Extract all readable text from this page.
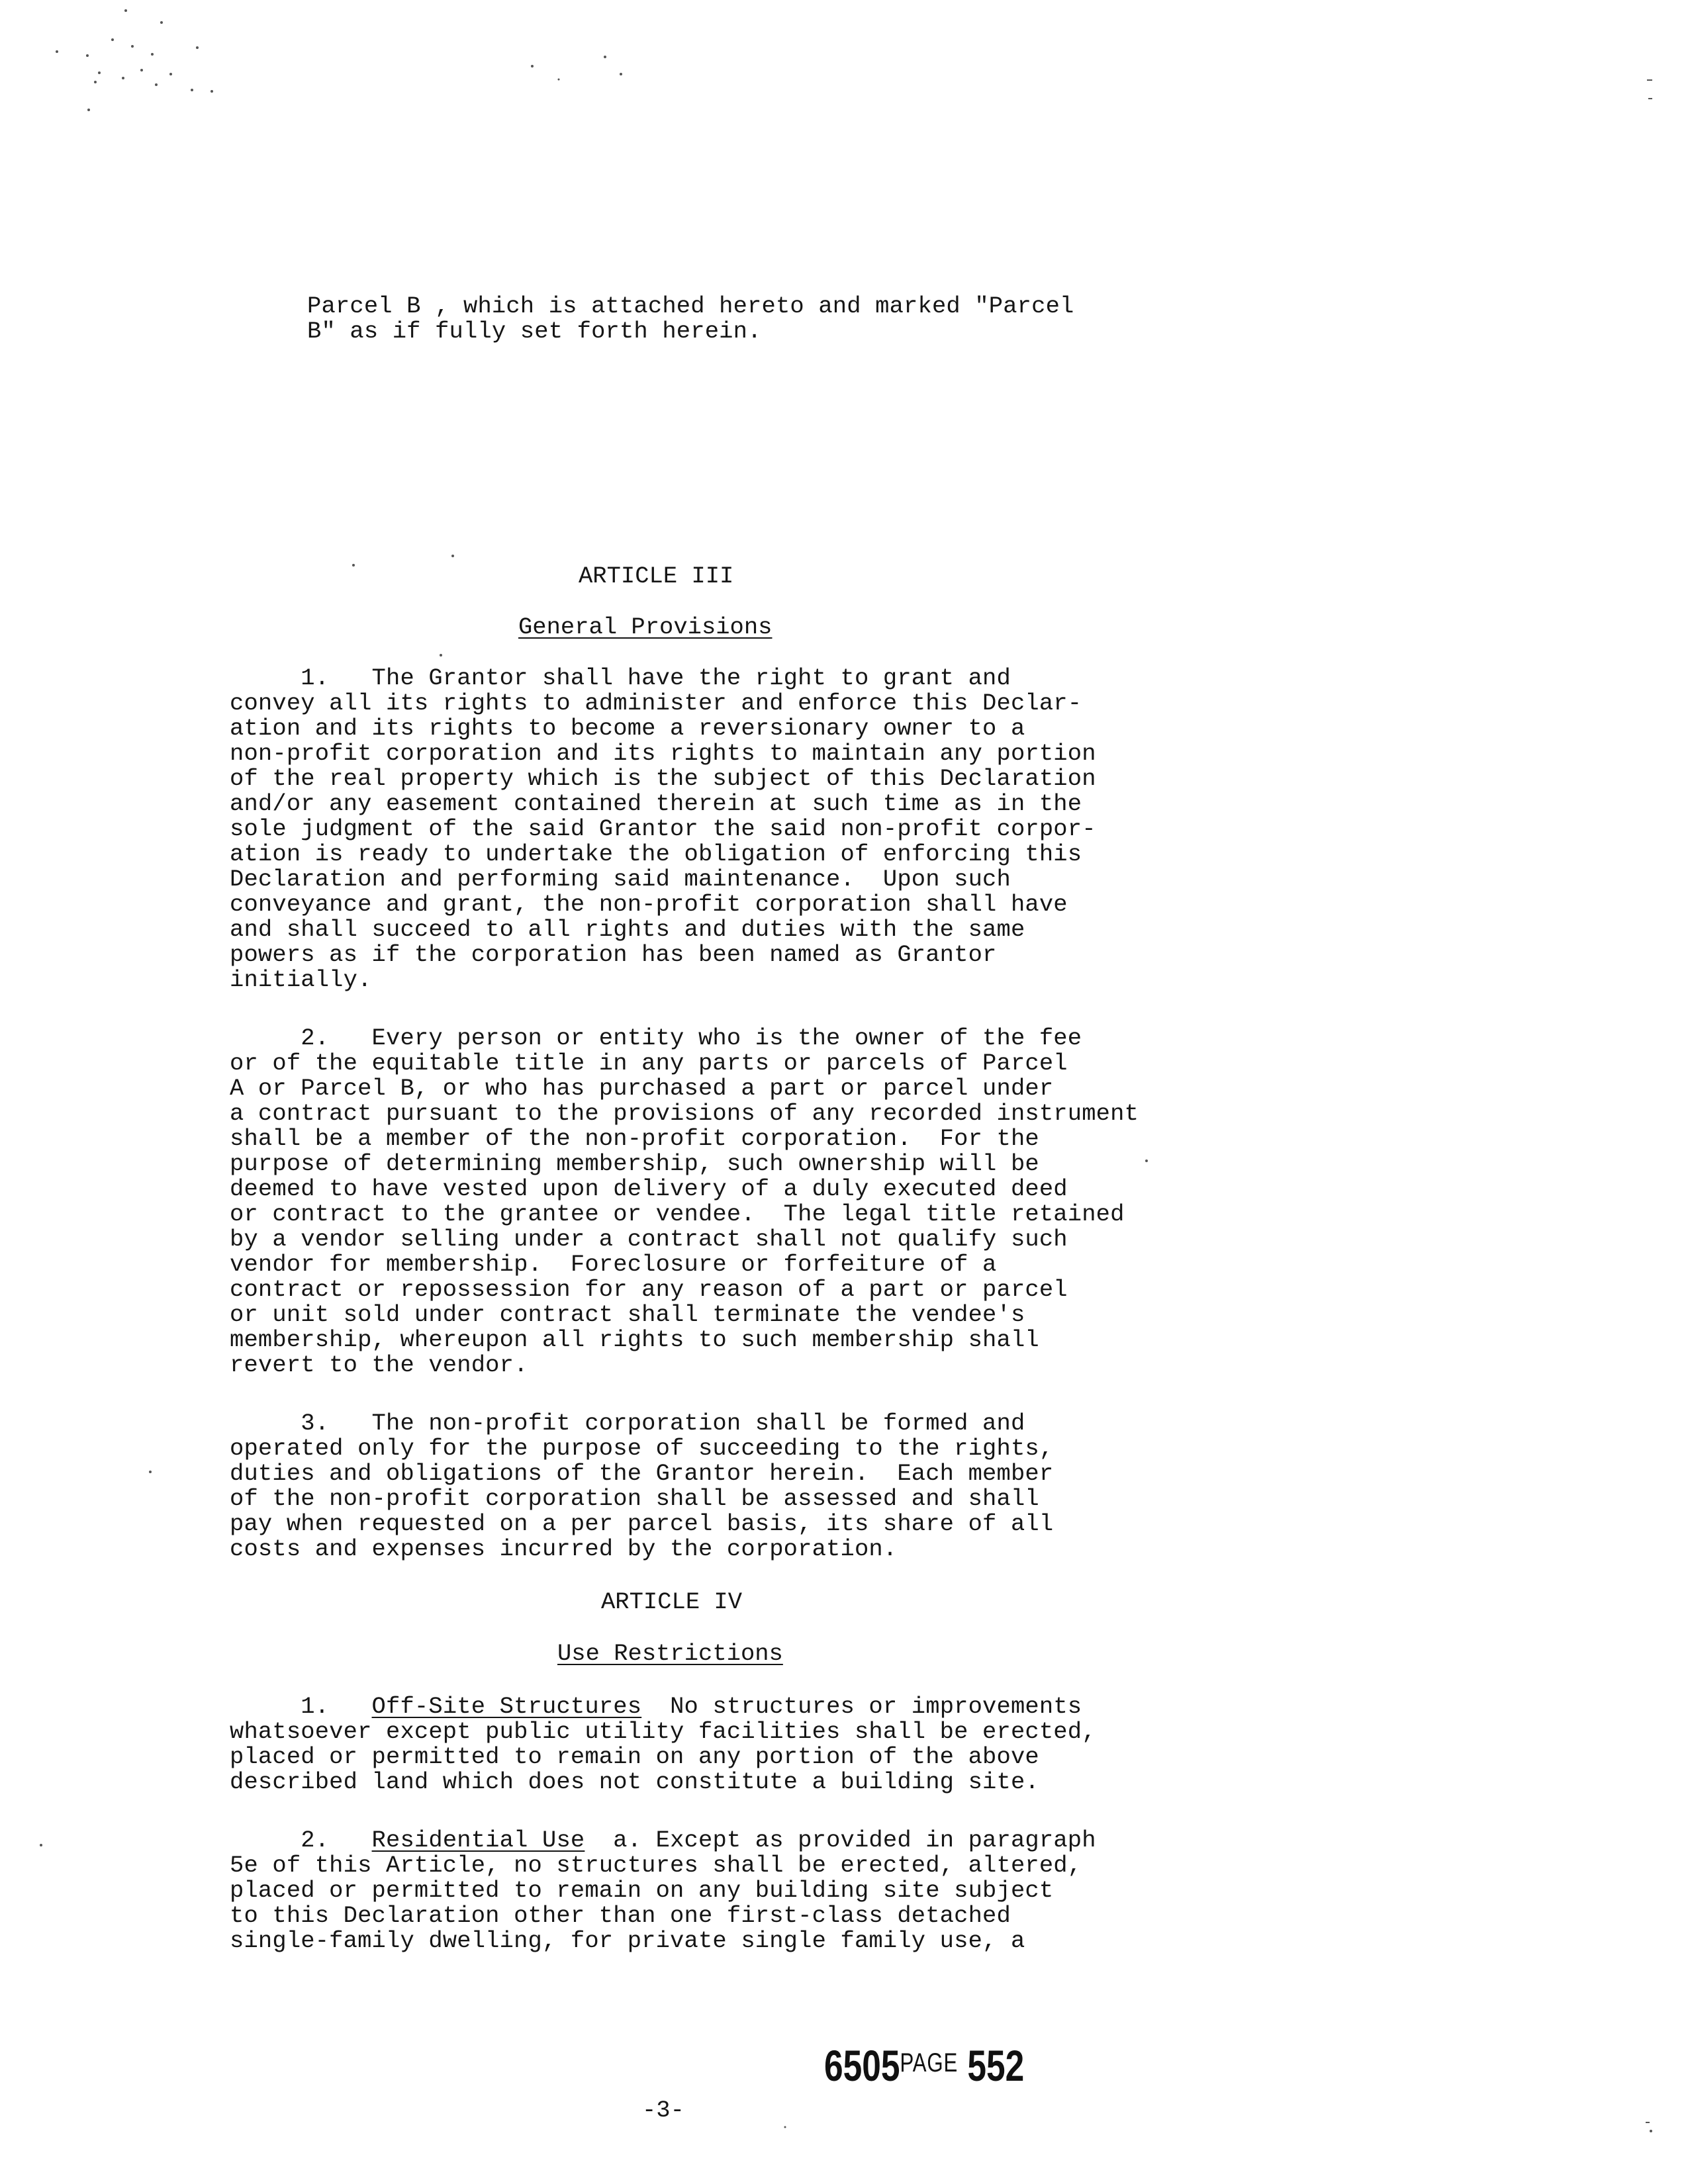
Parcel B , which is attached hereto and marked "Parcel
B" as if fully set forth herein.
ARTICLE III
General Provisions
1.   The Grantor shall have the right to grant and
convey all its rights to administer and enforce this Declar-
ation and its rights to become a reversionary owner to a
non-profit corporation and its rights to maintain any portion
of the real property which is the subject of this Declaration
and/or any easement contained therein at such time as in the
sole judgment of the said Grantor the said non-profit corpor-
ation is ready to undertake the obligation of enforcing this
Declaration and performing said maintenance.  Upon such
conveyance and grant, the non-profit corporation shall have
and shall succeed to all rights and duties with the same
powers as if the corporation has been named as Grantor
initially.
2.   Every person or entity who is the owner of the fee
or of the equitable title in any parts or parcels of Parcel
A or Parcel B, or who has purchased a part or parcel under
a contract pursuant to the provisions of any recorded instrument
shall be a member of the non-profit corporation.  For the
purpose of determining membership, such ownership will be
deemed to have vested upon delivery of a duly executed deed
or contract to the grantee or vendee.  The legal title retained
by a vendor selling under a contract shall not qualify such
vendor for membership.  Foreclosure or forfeiture of a
contract or repossession for any reason of a part or parcel
or unit sold under contract shall terminate the vendee's
membership, whereupon all rights to such membership shall
revert to the vendor.
3.   The non-profit corporation shall be formed and
operated only for the purpose of succeeding to the rights,
duties and obligations of the Grantor herein.  Each member
of the non-profit corporation shall be assessed and shall
pay when requested on a per parcel basis, its share of all
costs and expenses incurred by the corporation.
ARTICLE IV
Use Restrictions
1.   Off-Site Structures  No structures or improvements
whatsoever except public utility facilities shall be erected,
placed or permitted to remain on any portion of the above
described land which does not constitute a building site.
2.   Residential Use  a. Except as provided in paragraph
5e of this Article, no structures shall be erected, altered,
placed or permitted to remain on any building site subject
to this Declaration other than one first-class detached
single-family dwelling, for private single family use, a
$6505^{PAGE}$ 552
-3-
